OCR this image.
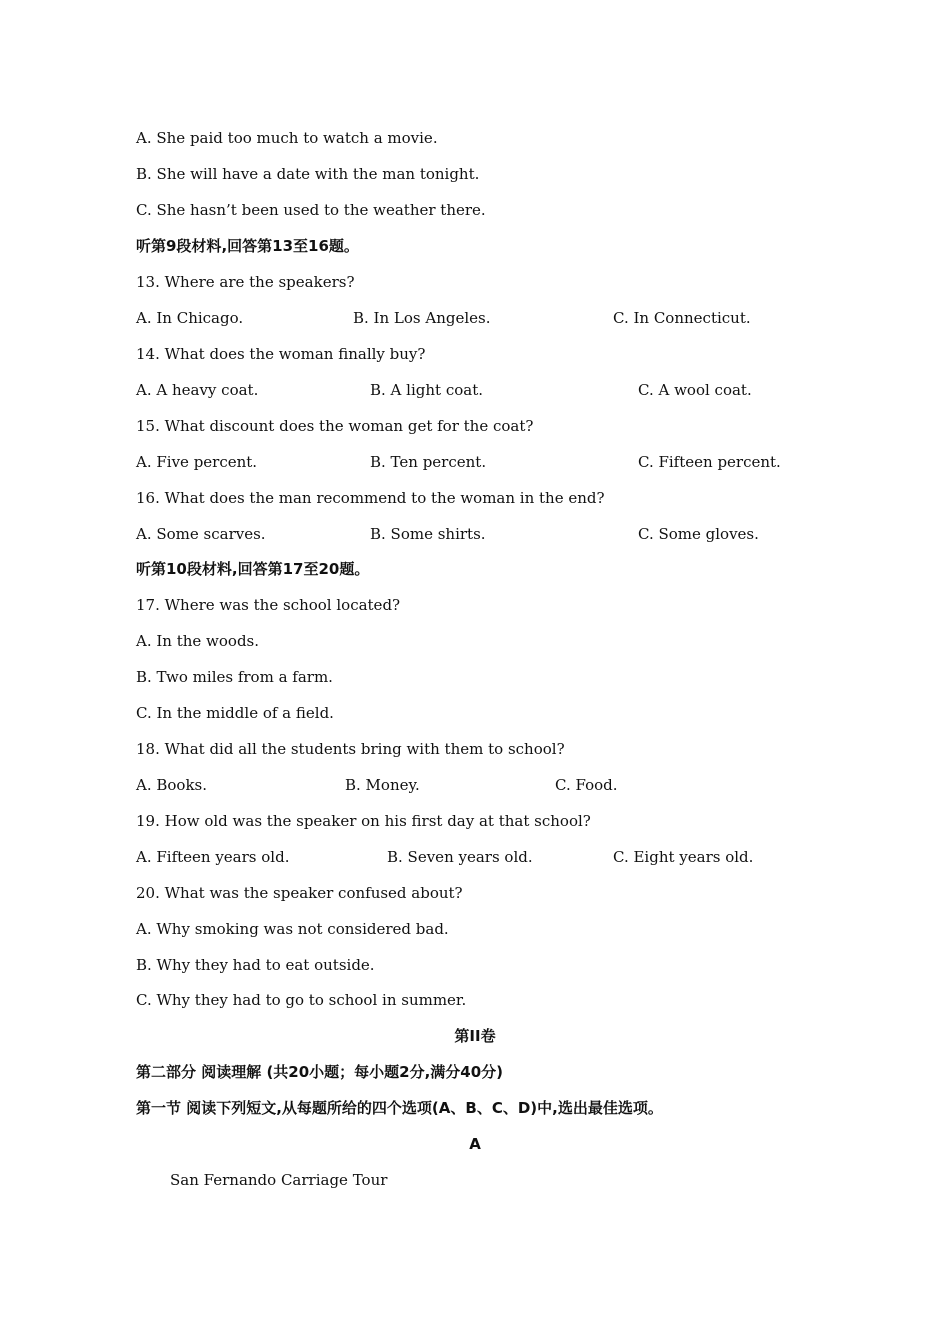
A. She paid too much to watch a movie.
B. She will have a date with the man tonight.
C. She hasn’t been used to the weather there.
听第9段材料,回答第13至16题。
13. Where are the speakers?
A. In Chicago.	B. In Los Angeles.	C. In Connecticut.
14. What does the woman finally buy?
A. A heavy coat.	B. A light coat.	C. A wool coat.
15. What discount does the woman get for the coat?
A. Five percent.	B. Ten percent.	C. Fifteen percent.
16. What does the man recommend to the woman in the end?
A. Some scarves.	B. Some shirts.	C. Some gloves.
听第10段材料,回答第17至20题。
17. Where was the school located?
A. In the woods.
B. Two miles from a farm.
C. In the middle of a field.
18. What did all the students bring with them to school?
A. Books.	B. Money.	C. Food.
19. How old was the speaker on his first day at that school?
A. Fifteen years old.	B. Seven years old.	C. Eight years old.
20. What was the speaker confused about?
A. Why smoking was not considered bad.
B. Why they had to eat outside.
C. Why they had to go to school in summer.
第II卷
第二部分 阅读理解 (共20小题；每小题2分,满分40分)
第一节 阅读下列短文,从每题所给的四个选项(A、B、C、D)中,选出最佳选项。
A
San Fernando Carriage Tour
